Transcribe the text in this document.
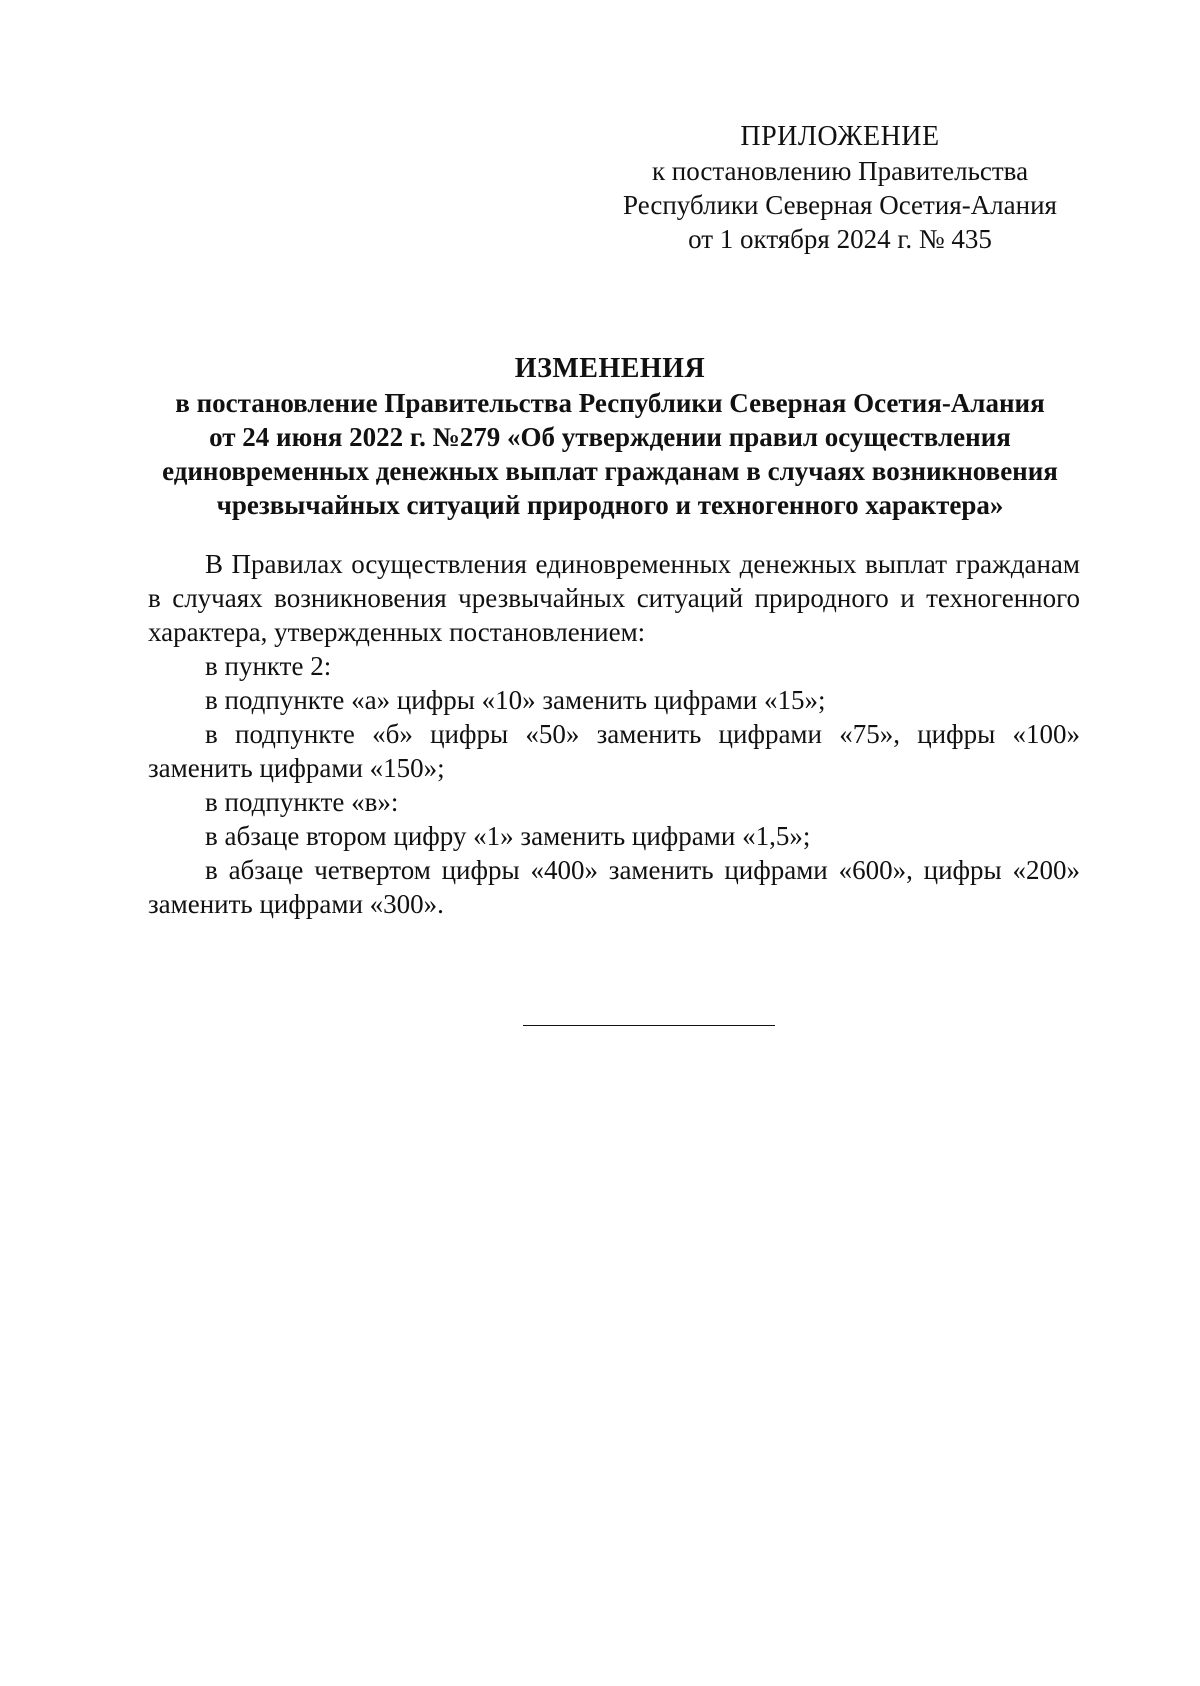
ПРИЛОЖЕНИЕ
к постановлению Правительства
Республики Северная Осетия-Алания
от 1 октября 2024 г. № 435
ИЗМЕНЕНИЯ
в постановление Правительства Республики Северная Осетия-Алания
от 24 июня 2022 г. №279 «Об утверждении правил осуществления
единовременных денежных выплат гражданам в случаях возникновения
чрезвычайных ситуаций природного и техногенного характера»

В Правилах осуществления единовременных денежных выплат гражданам в случаях возникновения чрезвычайных ситуаций природного и техногенного характера, утвержденных постановлением:

в пункте 2:

в подпункте «а» цифры «10» заменить цифрами «15»;

в подпункте «б» цифры «50» заменить цифрами «75», цифры «100» заменить цифрами «150»;

в подпункте «в»:

в абзаце втором цифру «1» заменить цифрами «1,5»;

в абзаце четвертом цифры «400» заменить цифрами «600», цифры «200» заменить цифрами «300».
